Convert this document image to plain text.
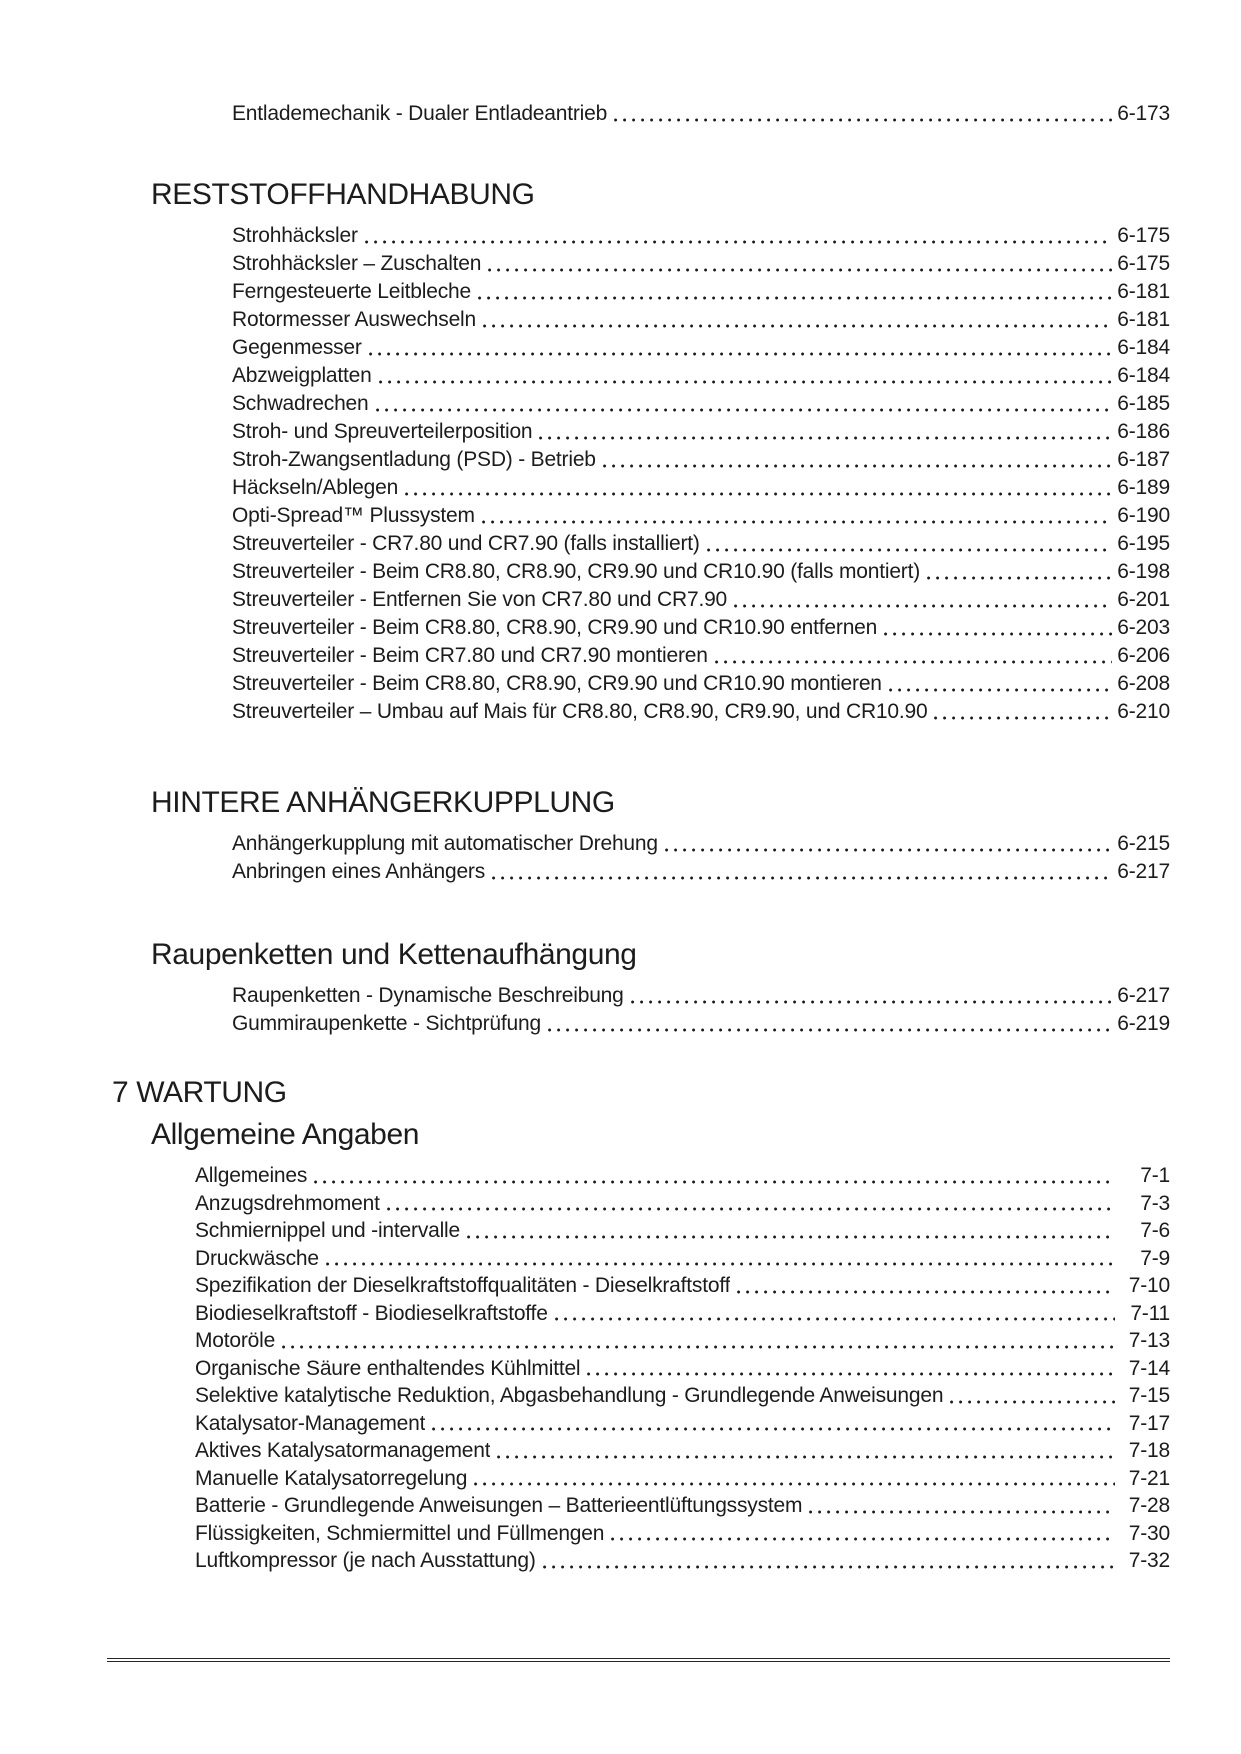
Entlademechanik - Dualer Entladeantrieb	6-173
RESTSTOFFHANDHABUNG
Strohhäcksler	6-175
Strohhäcksler – Zuschalten	6-175
Ferngesteuerte Leitbleche	6-181
Rotormesser Auswechseln	6-181
Gegenmesser	6-184
Abzweigplatten	6-184
Schwadrechen	6-185
Stroh- und Spreuverteilerposition	6-186
Stroh-Zwangsentladung (PSD) - Betrieb	6-187
Häckseln/Ablegen	6-189
Opti-Spread™ Plussystem	6-190
Streuverteiler - CR7.80 und CR7.90 (falls installiert)	6-195
Streuverteiler - Beim CR8.80, CR8.90, CR9.90 und CR10.90 (falls montiert)	6-198
Streuverteiler - Entfernen Sie von CR7.80 und CR7.90	6-201
Streuverteiler - Beim CR8.80, CR8.90, CR9.90 und CR10.90 entfernen	6-203
Streuverteiler - Beim CR7.80 und CR7.90 montieren	6-206
Streuverteiler - Beim CR8.80, CR8.90, CR9.90 und CR10.90 montieren	6-208
Streuverteiler – Umbau auf Mais für CR8.80, CR8.90, CR9.90, und CR10.90	6-210
HINTERE ANHÄNGERKUPPLUNG
Anhängerkupplung mit automatischer Drehung	6-215
Anbringen eines Anhängers	6-217
Raupenketten und Kettenaufhängung
Raupenketten - Dynamische Beschreibung	6-217
Gummiraupenkette - Sichtprüfung	6-219
7 WARTUNG
Allgemeine Angaben
Allgemeines	7-1
Anzugsdrehmoment	7-3
Schmiernippel und -intervalle	7-6
Druckwäsche	7-9
Spezifikation der Dieselkraftstoffqualitäten - Dieselkraftstoff	7-10
Biodieselkraftstoff - Biodieselkraftstoffe	7-11
Motoröle	7-13
Organische Säure enthaltendes Kühlmittel	7-14
Selektive katalytische Reduktion, Abgasbehandlung - Grundlegende Anweisungen	7-15
Katalysator-Management	7-17
Aktives Katalysatormanagement	7-18
Manuelle Katalysatorregelung	7-21
Batterie - Grundlegende Anweisungen – Batterieentlüftungssystem	7-28
Flüssigkeiten, Schmiermittel und Füllmengen	7-30
Luftkompressor (je nach Ausstattung)	7-32
